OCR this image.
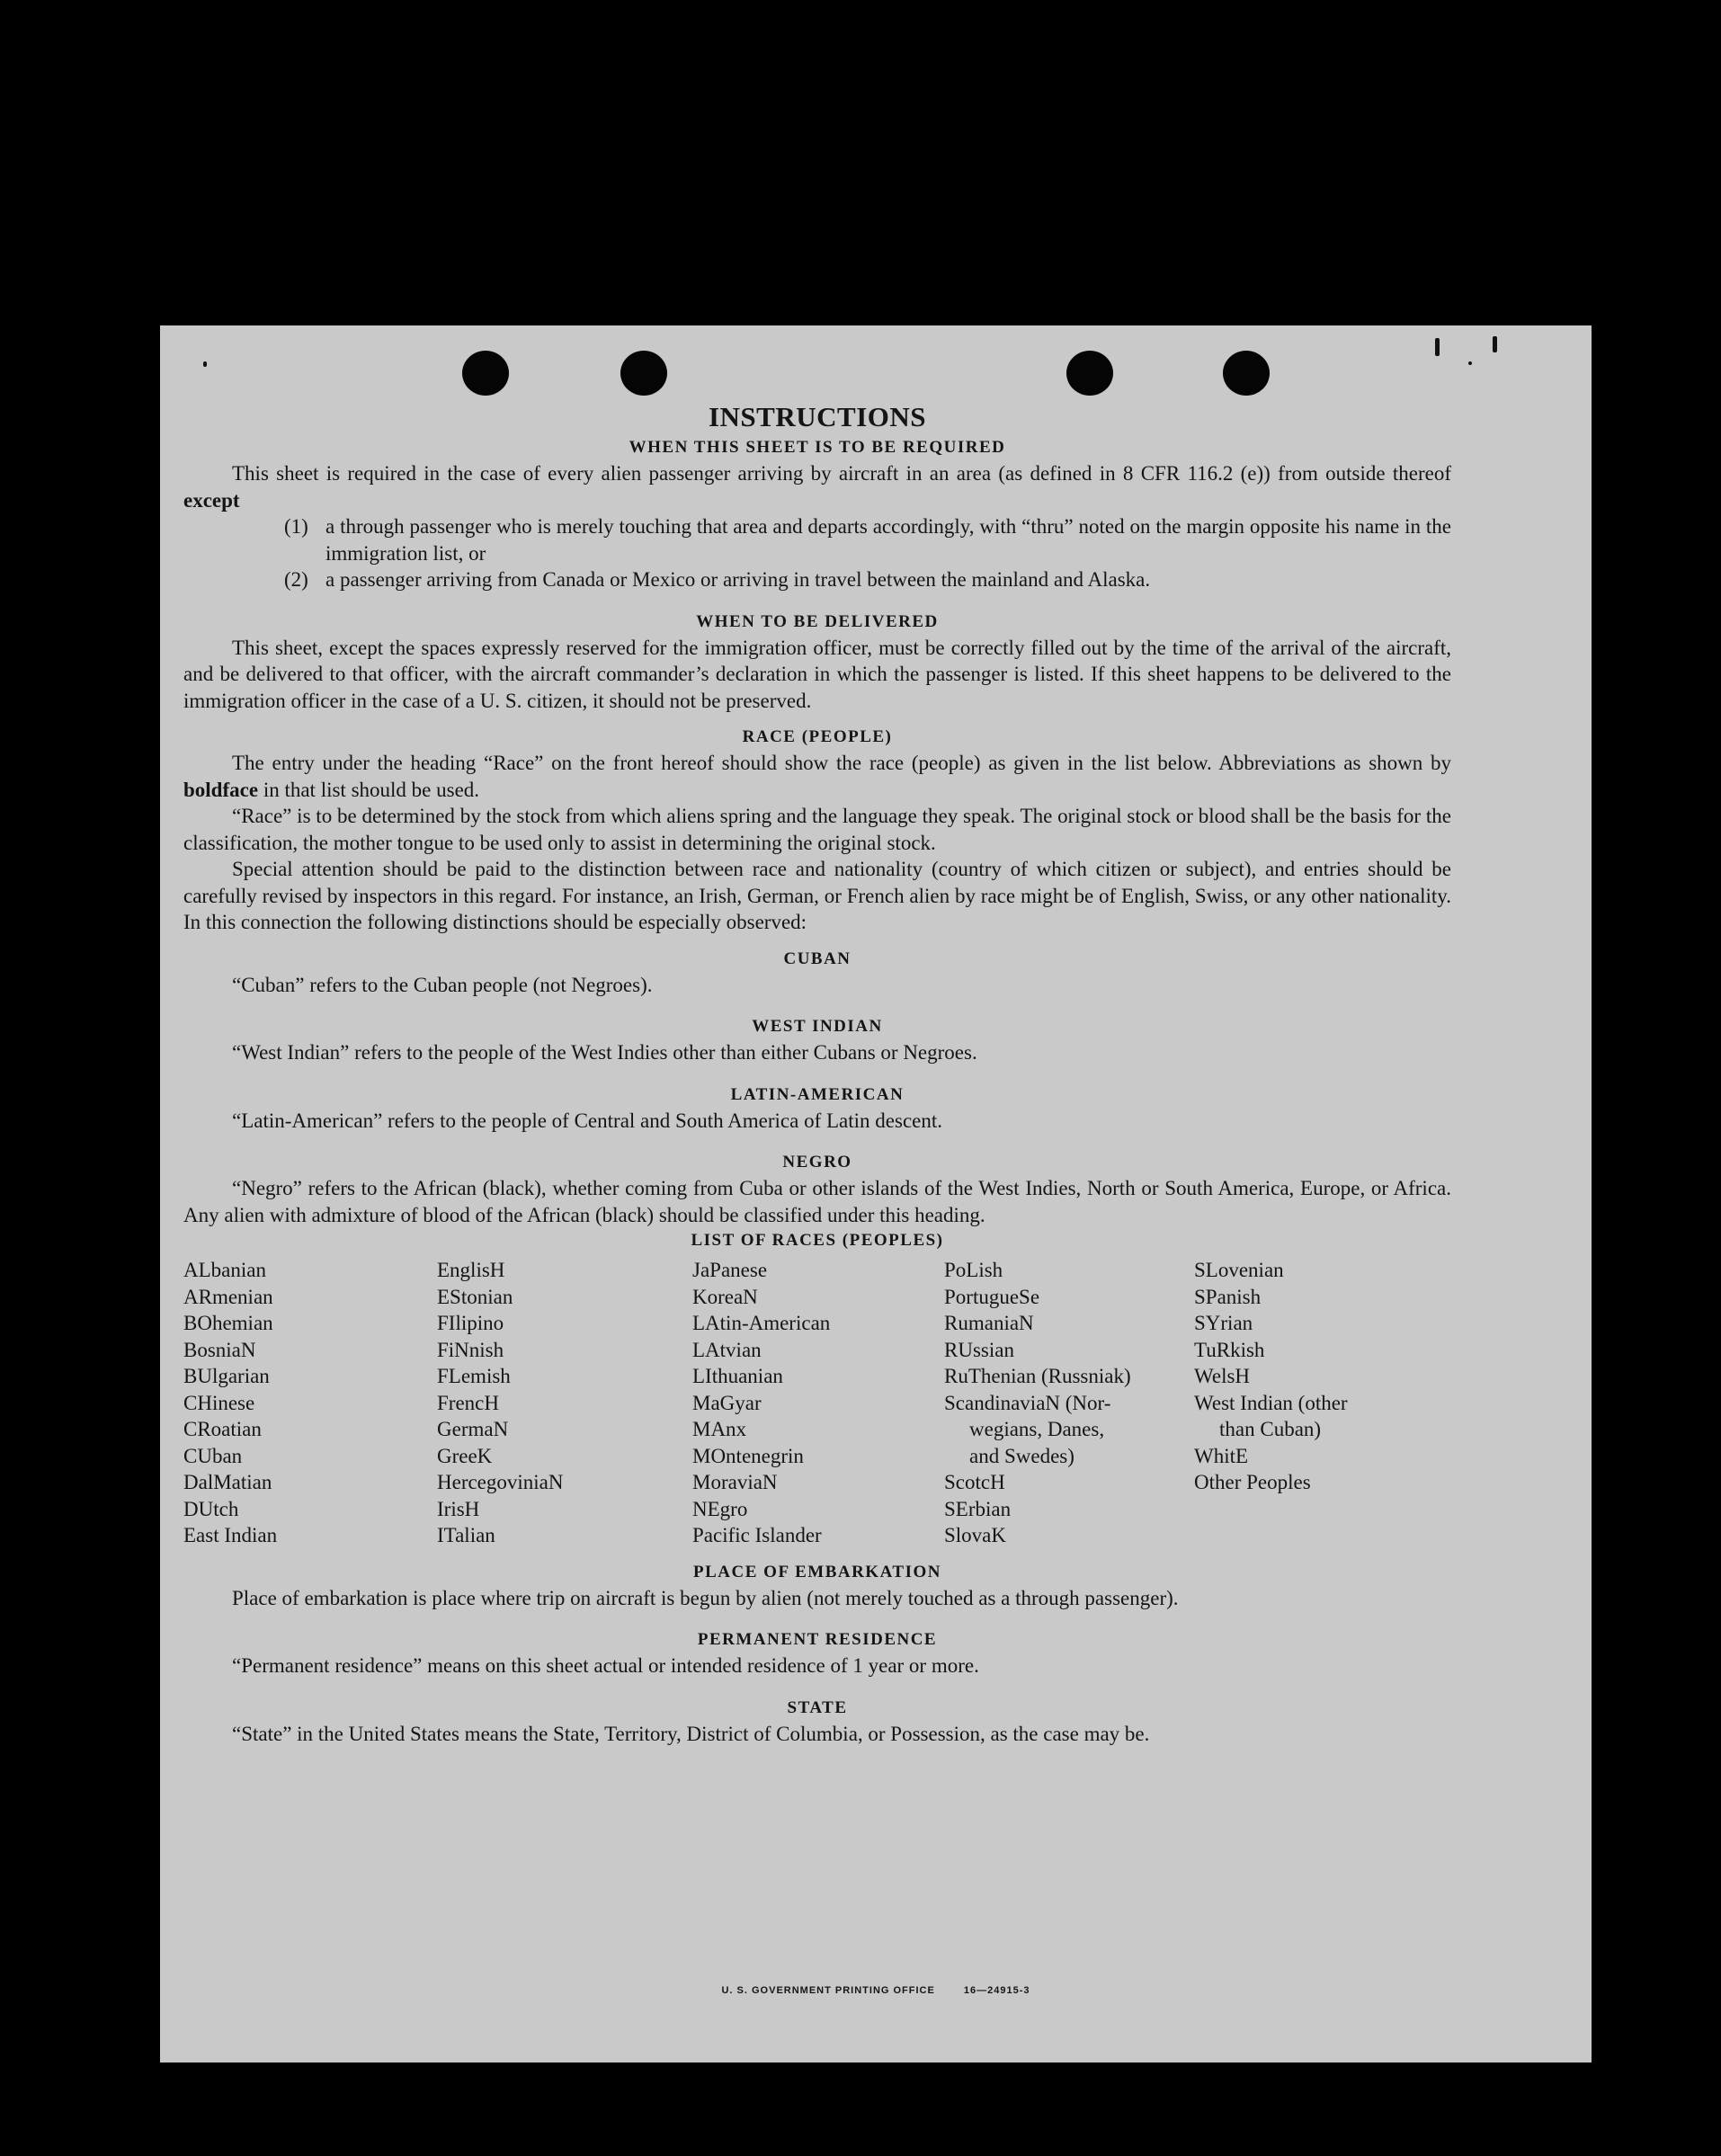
INSTRUCTIONS
WHEN THIS SHEET IS TO BE REQUIRED

This sheet is required in the case of every alien passenger arriving by aircraft in an area (as defined in 8 CFR 116.2 (e)) from outside thereof except

(1) a through passenger who is merely touching that area and departs accordingly, with “thru” noted on the margin opposite his name in the immigration list, or
(2) a passenger arriving from Canada or Mexico or arriving in travel between the mainland and Alaska.
WHEN TO BE DELIVERED

This sheet, except the spaces expressly reserved for the immigration officer, must be correctly filled out by the time of the arrival of the aircraft, and be delivered to that officer, with the aircraft commander’s declaration in which the passenger is listed. If this sheet happens to be delivered to the immigration officer in the case of a U. S. citizen, it should not be preserved.

RACE (PEOPLE)

The entry under the heading “Race” on the front hereof should show the race (people) as given in the list below. Abbreviations as shown by boldface in that list should be used.

“Race” is to be determined by the stock from which aliens spring and the language they speak. The original stock or blood shall be the basis for the classification, the mother tongue to be used only to assist in determining the original stock.

Special attention should be paid to the distinction between race and nationality (country of which citizen or subject), and entries should be carefully revised by inspectors in this regard. For instance, an Irish, German, or French alien by race might be of English, Swiss, or any other nationality. In this connection the following distinctions should be especially observed:

CUBAN

“Cuban” refers to the Cuban people (not Negroes).

WEST INDIAN

“West Indian” refers to the people of the West Indies other than either Cubans or Negroes.

LATIN-AMERICAN

“Latin-American” refers to the people of Central and South America of Latin descent.

NEGRO

“Negro” refers to the African (black), whether coming from Cuba or other islands of the West Indies, North or South America, Europe, or Africa. Any alien with admixture of blood of the African (black) should be classified under this heading.

LIST OF RACES (PEOPLES)
ALbanian
ARmenian
BOhemian
BosniaN
BUlgarian
CHinese
CRoatian
CUban
DalMatian
DUtch
East Indian
EnglisH
EStonian
FIlipino
FiNnish
FLemish
FrencH
GermaN
GreeK
HercegoviniaN
IrisH
ITalian
JaPanese
KoreaN
LAtin-American
LAtvian
LIthuanian
MaGyar
MAnx
MOntenegrin
MoraviaN
NEgro
Pacific Islander
PoLish
PortugueSe
RumaniaN
RUssian
RuThenian (Russniak)
ScandinaviaN (Nor-
wegians, Danes,
and Swedes)
ScotcH
SErbian
SlovaK
SLovenian
SPanish
SYrian
TuRkish
WelsH
West Indian (other
than Cuban)
WhitE
Other Peoples
PLACE OF EMBARKATION

Place of embarkation is place where trip on aircraft is begun by alien (not merely touched as a through passenger).

PERMANENT RESIDENCE

“Permanent residence” means on this sheet actual or intended residence of 1 year or more.

STATE

“State” in the United States means the State, Territory, District of Columbia, or Possession, as the case may be.

U. S. GOVERNMENT PRINTING OFFICE	16—24915-3
